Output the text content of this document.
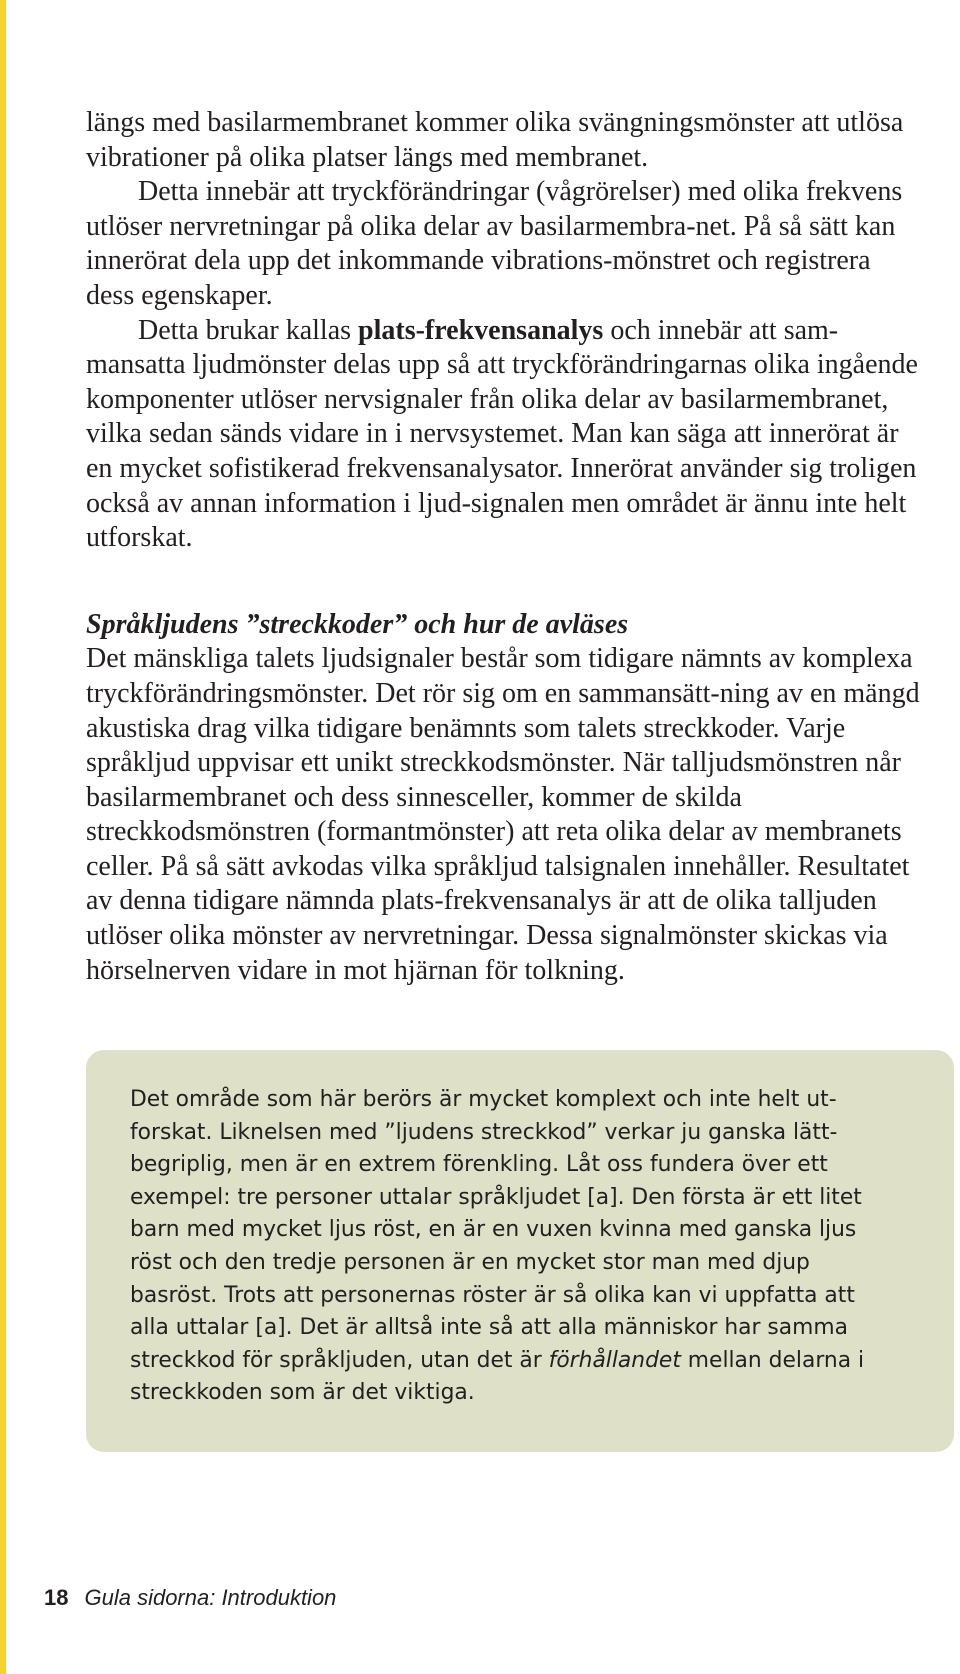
längs med basilarmembranet kommer olika svängningsmönster att utlösa vibrationer på olika platser längs med membranet.

Detta innebär att tryckförändringar (vågrörelser) med olika frekvens utlöser nervretningar på olika delar av basilarmembra-net. På så sätt kan innerörat dela upp det inkommande vibrations-mönstret och registrera dess egenskaper.

Detta brukar kallas plats-frekvensanalys och innebär att sam-mansatta ljudmönster delas upp så att tryckförändringarnas olika ingående komponenter utlöser nervsignaler från olika delar av basilarmembranet, vilka sedan sänds vidare in i nervsystemet. Man kan säga att innerörat är en mycket sofistikerad frekvensanalysator. Innerörat använder sig troligen också av annan information i ljud-signalen men området är ännu inte helt utforskat.

Språkljudens ”streckkoder” och hur de avläses

Det mänskliga talets ljudsignaler består som tidigare nämnts av komplexa tryckförändringsmönster. Det rör sig om en sammansätt-ning av en mängd akustiska drag vilka tidigare benämnts som talets streckkoder. Varje språkljud uppvisar ett unikt streckkodsmönster. När talljudsmönstren når basilarmembranet och dess sinnesceller, kommer de skilda streckkodsmönstren (formantmönster) att reta olika delar av membranets celler. På så sätt avkodas vilka språkljud talsignalen innehåller. Resultatet av denna tidigare nämnda plats-frekvensanalys är att de olika talljuden utlöser olika mönster av nervretningar. Dessa signalmönster skickas via hörselnerven vidare in mot hjärnan för tolkning.

Det område som här berörs är mycket komplext och inte helt ut-forskat. Liknelsen med ”ljudens streckkod” verkar ju ganska lätt-begriplig, men är en extrem förenkling. Låt oss fundera över ett exempel: tre personer uttalar språkljudet [a]. Den första är ett litet barn med mycket ljus röst, en är en vuxen kvinna med ganska ljus röst och den tredje personen är en mycket stor man med djup basröst. Trots att personernas röster är så olika kan vi uppfatta att alla uttalar [a]. Det är alltså inte så att alla människor har samma streckkod för språkljuden, utan det är förhållandet mellan delarna i streckkoden som är det viktiga.

18 Gula sidorna: Introduktion
